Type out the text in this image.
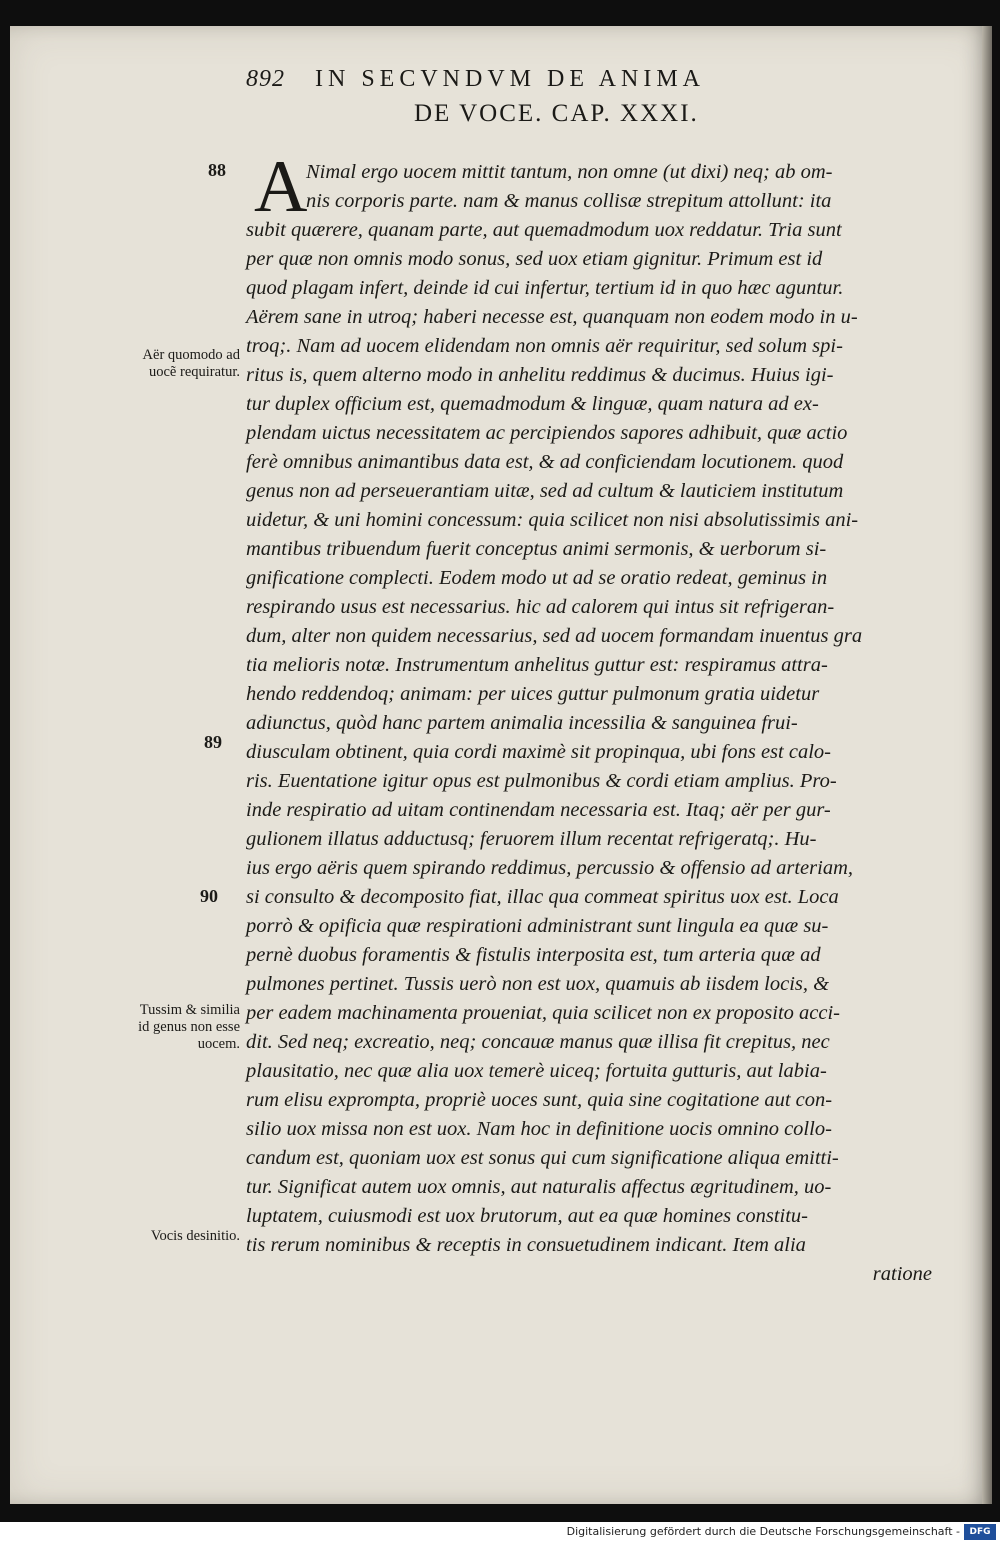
892 IN SECVNDVM DE ANIMA
DE VOCE. CAP. XXXI.
A
Nimal ergo uocem mittit tantum, non omne (ut dixi) neq; ab om-
nis corporis parte. nam & manus collisæ strepitum attollunt: ita
subit quærere, quanam parte, aut quemadmodum uox reddatur. Tria sunt
per quæ non omnis modo sonus, sed uox etiam gignitur. Primum est id
quod plagam infert, deinde id cui infertur, tertium id in quo hæc aguntur.
Aërem sane in utroq; haberi necesse est, quanquam non eodem modo in u-
troq;. Nam ad uocem elidendam non omnis aër requiritur, sed solum spi-
ritus is, quem alterno modo in anhelitu reddimus & ducimus. Huius igi-
tur duplex officium est, quemadmodum & linguæ, quam natura ad ex-
plendam uictus necessitatem ac percipiendos sapores adhibuit, quæ actio
ferè omnibus animantibus data est, & ad conficiendam locutionem. quod
genus non ad perseuerantiam uitæ, sed ad cultum & lauticiem institutum
uidetur, & uni homini concessum: quia scilicet non nisi absolutissimis ani-
mantibus tribuendum fuerit conceptus animi sermonis, & uerborum si-
gnificatione complecti. Eodem modo ut ad se oratio redeat, geminus in
respirando usus est necessarius. hic ad calorem qui intus sit refrigeran-
dum, alter non quidem necessarius, sed ad uocem formandam inuentus gra
tia melioris notæ. Instrumentum anhelitus guttur est: respiramus attra-
hendo reddendoq; animam: per uices guttur pulmonum gratia uidetur
adiunctus, quòd hanc partem animalia incessilia & sanguinea frui-
diusculam obtinent, quia cordi maximè sit propinqua, ubi fons est calo-
ris. Euentatione igitur opus est pulmonibus & cordi etiam amplius. Pro-
inde respiratio ad uitam continendam necessaria est. Itaq; aër per gur-
gulionem illatus adductusq; feruorem illum recentat refrigeratq;. Hu-
ius ergo aëris quem spirando reddimus, percussio & offensio ad arteriam,
si consulto & decomposito fiat, illac qua commeat spiritus uox est. Loca
porrò & opificia quæ respirationi administrant sunt lingula ea quæ su-
pernè duobus foramentis & fistulis interposita est, tum arteria quæ ad
pulmones pertinet. Tussis uerò non est uox, quamuis ab iisdem locis, &
per eadem machinamenta proueniat, quia scilicet non ex proposito acci-
dit. Sed neq; excreatio, neq; concauæ manus quæ illisa fit crepitus, nec
plausitatio, nec quæ alia uox temerè uiceq; fortuita gutturis, aut labia-
rum elisu exprompta, propriè uoces sunt, quia sine cogitatione aut con-
silio uox missa non est uox. Nam hoc in definitione uocis omnino collo-
candum est, quoniam uox est sonus qui cum significatione aliqua emitti-
tur. Significat autem uox omnis, aut naturalis affectus ægritudinem, uo-
luptatem, cuiusmodi est uox brutorum, aut ea quæ homines constitu-
tis rerum nominibus & receptis in consuetudinem indicant. Item alia
ratione
88
89
90
Aër quomodo ad
uocẽ requiratur.
Tussim & similia
id genus non esse
uocem.
Vocis desinitio.
Digitalisierung gefördert durch die Deutsche Forschungsgemeinschaft -	DFG
